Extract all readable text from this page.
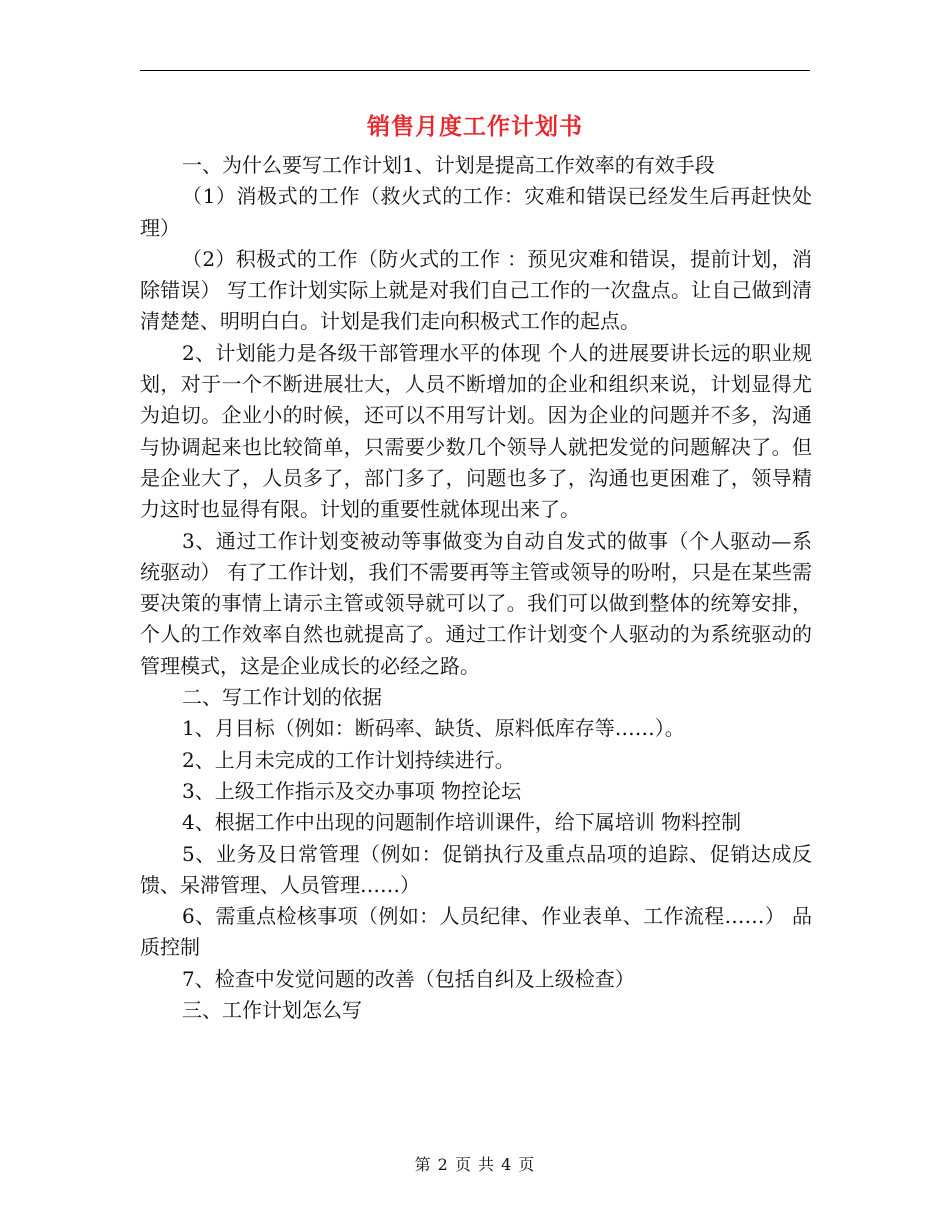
销售月度工作计划书

一、为什么要写工作计划1、计划是提高工作效率的有效手段

（1）消极式的工作（救火式的工作：灾难和错误已经发生后再赶快处理）

（2）积极式的工作（防火式的工作 ：预见灾难和错误，提前计划，消除错误） 写工作计划实际上就是对我们自己工作的一次盘点。让自己做到清清楚楚、明明白白。计划是我们走向积极式工作的起点。

2、计划能力是各级干部管理水平的体现 个人的进展要讲长远的职业规划，对于一个不断进展壮大，人员不断增加的企业和组织来说，计划显得尤为迫切。企业小的时候，还可以不用写计划。因为企业的问题并不多，沟通与协调起来也比较简单，只需要少数几个领导人就把发觉的问题解决了。但是企业大了，人员多了，部门多了，问题也多了，沟通也更困难了，领导精力这时也显得有限。计划的重要性就体现出来了。

3、通过工作计划变被动等事做变为自动自发式的做事（个人驱动—系统驱动） 有了工作计划，我们不需要再等主管或领导的吩咐，只是在某些需要决策的事情上请示主管或领导就可以了。我们可以做到整体的统筹安排，个人的工作效率自然也就提高了。通过工作计划变个人驱动的为系统驱动的管理模式，这是企业成长的必经之路。

二、写工作计划的依据

1、月目标（例如：断码率、缺货、原料低库存等……）。

2、上月未完成的工作计划持续进行。

3、上级工作指示及交办事项 物控论坛

4、根据工作中出现的问题制作培训课件，给下属培训 物料控制

5、业务及日常管理（例如：促销执行及重点品项的追踪、促销达成反馈、呆滞管理、人员管理……）

6、需重点检核事项（例如：人员纪律、作业表单、工作流程……） 品质控制

7、检查中发觉问题的改善（包括自纠及上级检查）

三、工作计划怎么写

第 2 页 共 4 页
